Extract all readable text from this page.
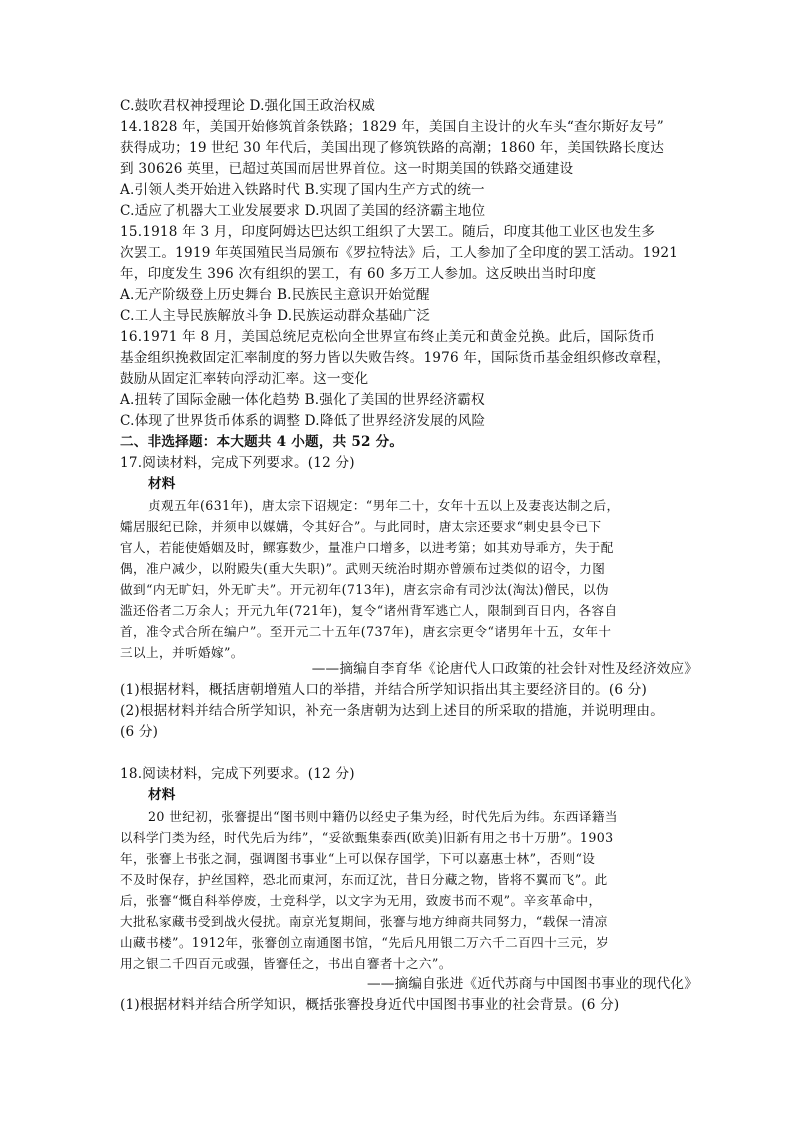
C.鼓吹君权神授理论 D.强化国王政治权威
14.1828 年，美国开始修筑首条铁路；1829 年，美国自主设计的火车头“查尔斯好友号”
获得成功；19 世纪 30 年代后，美国出现了修筑铁路的高潮；1860 年，美国铁路长度达
到 30626 英里，已超过英国而居世界首位。这一时期美国的铁路交通建设
A.引领人类开始进入铁路时代 B.实现了国内生产方式的统一
C.适应了机器大工业发展要求 D.巩固了美国的经济霸主地位
15.1918 年 3 月，印度阿姆达巴达织工组织了大罢工。随后，印度其他工业区也发生多
次罢工。1919 年英国殖民当局颁布《罗拉特法》后，工人参加了全印度的罢工活动。1921
年，印度发生 396 次有组织的罢工，有 60 多万工人参加。这反映出当时印度
A.无产阶级登上历史舞台 B.民族民主意识开始觉醒
C.工人主导民族解放斗争 D.民族运动群众基础广泛
16.1971 年 8 月，美国总统尼克松向全世界宣布终止美元和黄金兑换。此后，国际货币
基金组织挽救固定汇率制度的努力皆以失败告终。1976 年，国际货币基金组织修改章程，
鼓励从固定汇率转向浮动汇率。这一变化
A.扭转了国际金融一体化趋势 B.强化了美国的世界经济霸权
C.体现了世界货币体系的调整 D.降低了世界经济发展的风险
二、非选择题：本大题共 4 小题，共 52 分。
17.阅读材料，完成下列要求。(12 分)
材料
贞观五年(631年)，唐太宗下诏规定：“男年二十，女年十五以上及妻丧达制之后，
孀居服纪已除，并须申以媒媾，令其好合”。与此同时，唐太宗还要求“刺史县令已下
官人，若能使婚姻及时，鳏寡数少，量准户口增多，以进考第；如其劝导乖方，失于配
偶，准户减少，以附殿失(重大失职)”。武则天统治时期亦曾颁布过类似的诏令，力图
做到“内无旷妇，外无旷夫”。开元初年(713年)，唐玄宗命有司沙汰(淘汰)僧民，以伪
滥还俗者二万余人；开元九年(721年)，复令“诸州背军逃亡人，限制到百日内，各容自
首，准令式合所在编户”。至开元二十五年(737年)，唐玄宗更令“诸男年十五，女年十
三以上，并听婚嫁”。
——摘编自李育华《论唐代人口政策的社会针对性及经济效应》
(1)根据材料，概括唐朝增殖人口的举措，并结合所学知识指出其主要经济目的。(6 分)
(2)根据材料并结合所学知识，补充一条唐朝为达到上述目的所采取的措施，并说明理由。
(6 分)
18.阅读材料，完成下列要求。(12 分)
材料
20 世纪初，张謇提出“图书则中籍仍以经史子集为经，时代先后为纬。东西译籍当
以科学门类为经，时代先后为纬”，“妥欲甄集泰西(欧美)旧新有用之书十万册”。1903
年，张謇上书张之洞，强调图书事业“上可以保存国学，下可以嘉惠士林”，否则“设
不及时保存，护丝国粹，恐北而東河，东而辽沈，昔日分藏之物，皆将不翼而飞”。此
后，张謇“慨自科举停废，士竞科学，以文字为无用，致废书而不观”。辛亥革命中，
大批私家藏书受到战火侵扰。南京光复期间，张謇与地方绅商共同努力，“载保一清凉
山藏书楼”。1912年，张謇创立南通图书馆，“先后凡用银二万六千二百四十三元，岁
用之银二千四百元或强，皆謇任之，书出自謇者十之六”。
——摘编自张进《近代苏商与中国图书事业的现代化》
(1)根据材料并结合所学知识，概括张謇投身近代中国图书事业的社会背景。(6 分)
